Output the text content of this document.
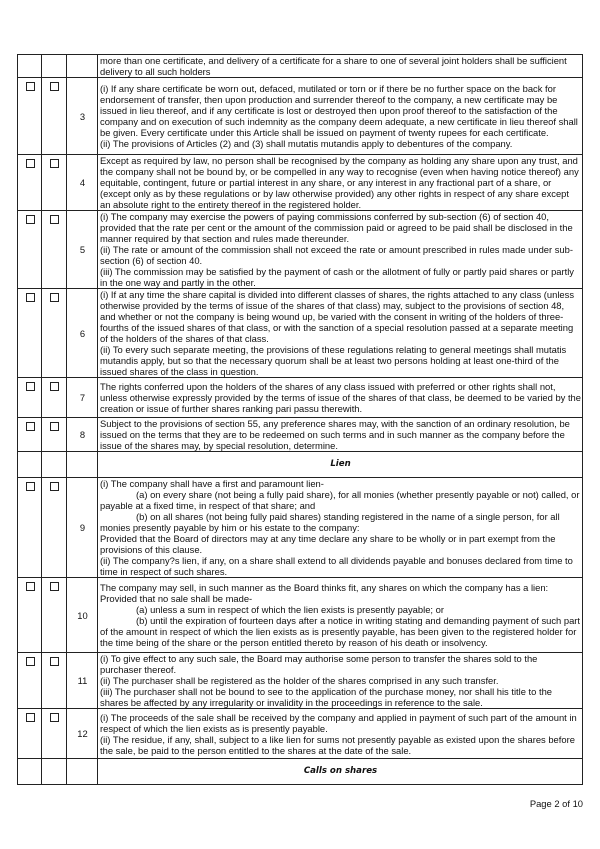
			more than one certificate, and delivery of a certificate for a share to one of several joint holders shall be sufficient delivery to all such holders

		3	(i) If any share certificate be worn out, defaced, mutilated or torn or if there be no further space on the back for endorsement of transfer, then upon production and surrender thereof to the company, a new certificate may be issued in lieu thereof, and if any certificate is lost or destroyed then upon proof thereof to the satisfaction of the company and on execution of such indemnity as the company deem adequate, a new certificate in lieu thereof shall be given. Every certificate under this Article shall be issued on payment of twenty rupees for each certificate.

(ii) The provisions of Articles (2) and (3) shall mutatis mutandis apply to debentures of the company.

		4	Except as required by law, no person shall be recognised by the company as holding any share upon any trust, and the company shall not be bound by, or be compelled in any way to recognise (even when having notice thereof) any equitable, contingent, future or partial interest in any share, or any interest in any fractional part of a share, or (except only as by these regulations or by law otherwise provided) any other rights in respect of any share except an absolute right to the entirety thereof in the registered holder.

		5	(i) The company may exercise the powers of paying commissions conferred by sub-section (6) of section 40, provided that the rate per cent or the amount of the commission paid or agreed to be paid shall be disclosed in the manner required by that section and rules made thereunder.

(ii) The rate or amount of the commission shall not exceed the rate or amount prescribed in rules made under sub-section (6) of section 40.

(iii) The commission may be satisfied by the payment of cash or the allotment of fully or partly paid shares or partly in the one way and partly in the other.

		6	(i) If at any time the share capital is divided into different classes of shares, the rights attached to any class (unless otherwise provided by the terms of issue of the shares of that class) may, subject to the provisions of section 48, and whether or not the company is being wound up, be varied with the consent in writing of the holders of three-fourths of the issued shares of that class, or with the sanction of a special resolution passed at a separate meeting of the holders of the shares of that class.

(ii) To every such separate meeting, the provisions of these regulations relating to general meetings shall mutatis mutandis apply, but so that the necessary quorum shall be at least two persons holding at least one-third of the issued shares of the class in question.

		7	The rights conferred upon the holders of the shares of any class issued with preferred or other rights shall not, unless otherwise expressly provided by the terms of issue of the shares of that class, be deemed to be varied by the creation or issue of further shares ranking pari passu therewith.

		8	Subject to the provisions of section 55, any preference shares may, with the sanction of an ordinary resolution, be issued on the terms that they are to be redeemed on such terms and in such manner as the company before the issue of the shares may, by special resolution, determine.

			Lien

		9	(i) The company shall have a first and paramount lien-

(a) on every share (not being a fully paid share), for all monies (whether presently payable or not) called, or payable at a fixed time, in respect of that share; and

(b) on all shares (not being fully paid shares) standing registered in the name of a single person, for all monies presently payable by him or his estate to the company:

Provided that the Board of directors may at any time declare any share to be wholly or in part exempt from the provisions of this clause.

(ii) The company?s lien, if any, on a share shall extend to all dividends payable and bonuses declared from time to time in respect of such shares.

		10	The company may sell, in such manner as the Board thinks fit, any shares on which the company has a lien: Provided that no sale shall be made-

(a) unless a sum in respect of which the lien exists is presently payable; or

(b) until the expiration of fourteen days after a notice in writing stating and demanding payment of such part of the amount in respect of which the lien exists as is presently payable, has been given to the registered holder for the time being of the share or the person entitled thereto by reason of his death or insolvency.

		11	(i) To give effect to any such sale, the Board may authorise some person to transfer the shares sold to the purchaser thereof.

(ii) The purchaser shall be registered as the holder of the shares comprised in any such transfer.

(iii) The purchaser shall not be bound to see to the application of the purchase money, nor shall his title to the shares be affected by any irregularity or invalidity in the proceedings in reference to the sale.

		12	(i) The proceeds of the sale shall be received by the company and applied in payment of such part of the amount in respect of which the lien exists as is presently payable.

(ii) The residue, if any, shall, subject to a like lien for sums not presently payable as existed upon the shares before the sale, be paid to the person entitled to the shares at the date of the sale.

			Calls on shares
Page 2 of 10
